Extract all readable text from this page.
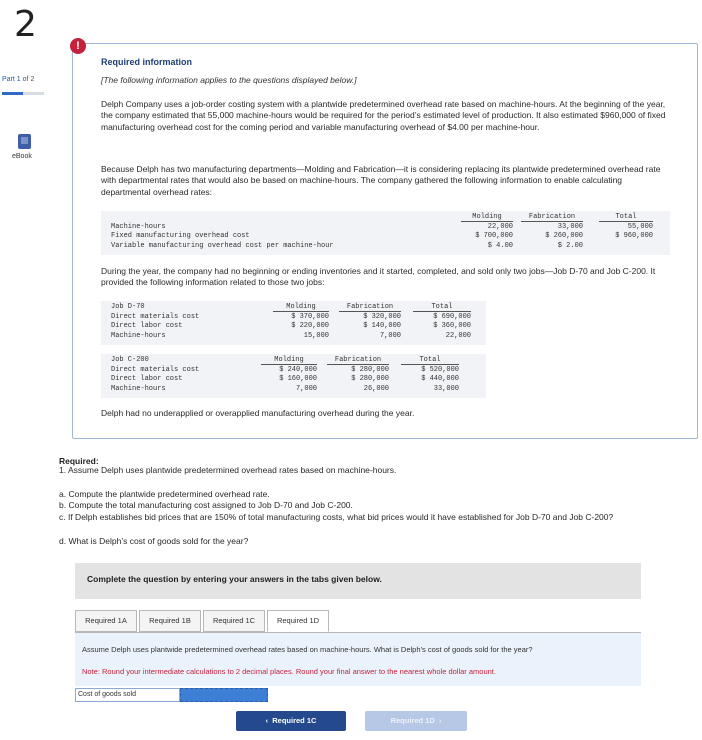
2
Part 1 of 2
eBook
!
Required information
[The following information applies to the questions displayed below.]
Delph Company uses a job-order costing system with a plantwide predetermined overhead rate based on machine-hours. At the beginning of the year, the company estimated that 55,000 machine-hours would be required for the period’s estimated level of production. It also estimated $960,000 of fixed manufacturing overhead cost for the coming period and variable manufacturing overhead of $4.00 per machine-hour.
Because Delph has two manufacturing departments—Molding and Fabrication—it is considering replacing its plantwide predetermined overhead rate with departmental rates that would also be based on machine-hours. The company gathered the following information to enable calculating departmental overhead rates:
Molding	Fabrication	Total
Machine-hours	22,000	33,000	55,000
Fixed manufacturing overhead cost	$ 700,000	$ 260,000	$ 960,000
Variable manufacturing overhead cost per machine-hour	$ 4.00	$ 2.00
During the year, the company had no beginning or ending inventories and it started, completed, and sold only two jobs—Job D-70 and Job C-200. It provided the following information related to those two jobs:
Job D-70	Molding	Fabrication	Total
Direct materials cost	$ 370,000	$ 320,000	$ 690,000
Direct labor cost	$ 220,000	$ 140,000	$ 360,000
Machine-hours	15,000	7,000	22,000
Job C-200	Molding	Fabrication	Total
Direct materials cost	$ 240,000	$ 280,000	$ 520,000
Direct labor cost	$ 160,000	$ 280,000	$ 440,000
Machine-hours	7,000	26,000	33,000
Delph had no underapplied or overapplied manufacturing overhead during the year.
Required:
1. Assume Delph uses plantwide predetermined overhead rates based on machine-hours.
a. Compute the plantwide predetermined overhead rate.
b. Compute the total manufacturing cost assigned to Job D-70 and Job C-200.
c. If Delph establishes bid prices that are 150% of total manufacturing costs, what bid prices would it have established for Job D-70 and Job C-200?
d. What is Delph’s cost of goods sold for the year?
Complete the question by entering your answers in the tabs given below.
Required 1A	Required 1B	Required 1C	Required 1D
Assume Delph uses plantwide predetermined overhead rates based on machine-hours. What is Delph’s cost of goods sold for the year?
Note: Round your intermediate calculations to 2 decimal places. Round your final answer to the nearest whole dollar amount.
Cost of goods sold
‹ Required 1C	Required 1D ›
